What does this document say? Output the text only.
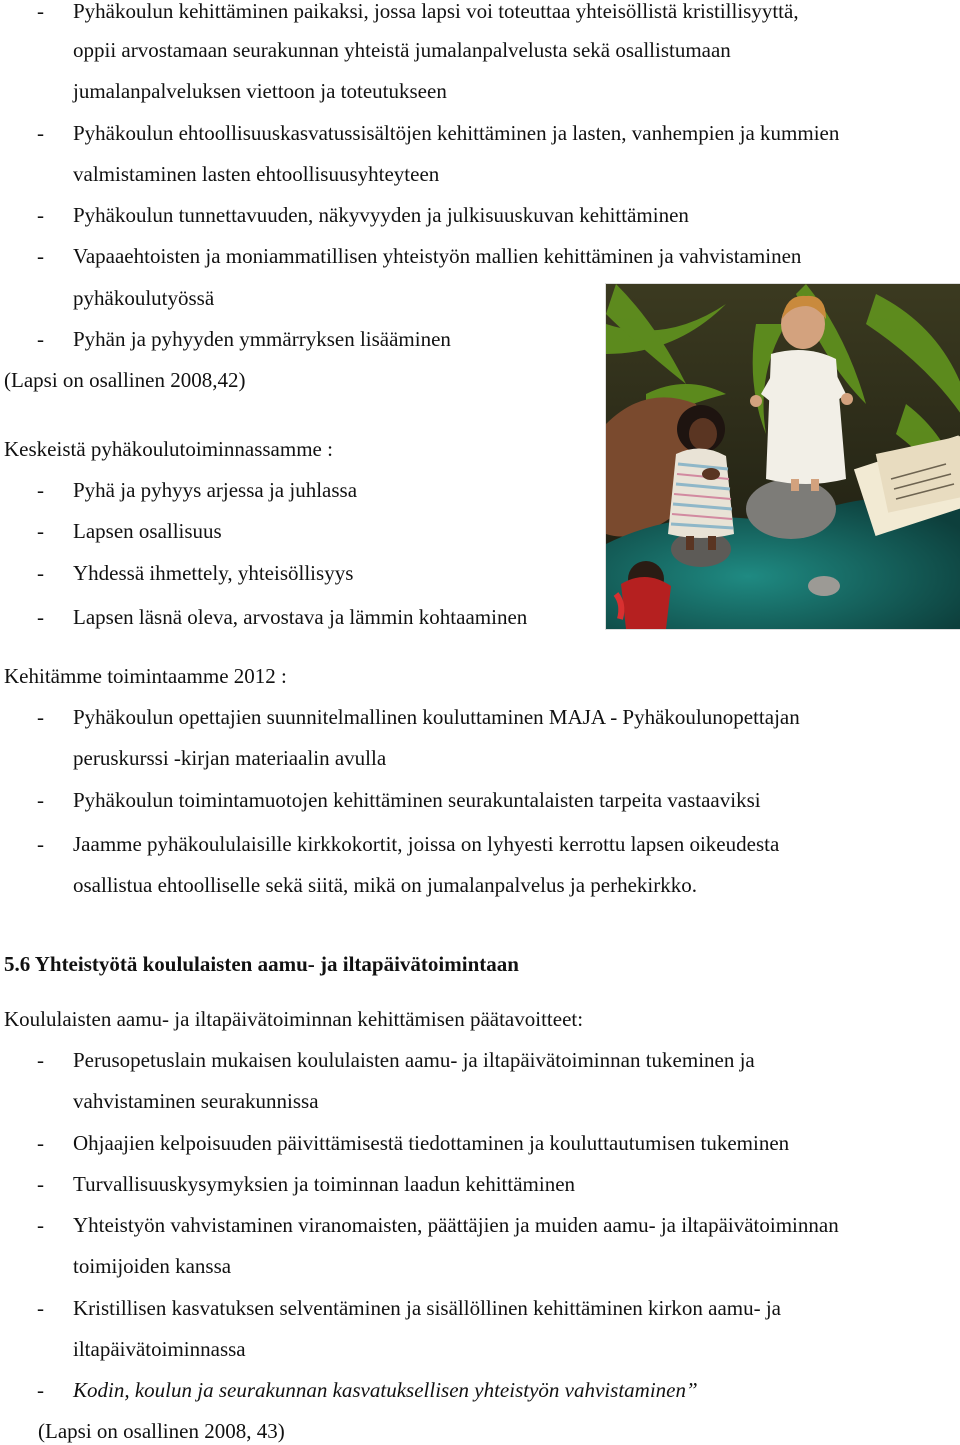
- Pyhäkoulun kehittäminen paikaksi, jossa lapsi voi toteuttaa yhteisöllistä kristillisyyttä,
oppii arvostamaan seurakunnan yhteistä jumalanpalvelusta sekä osallistumaan
jumalanpalveluksen viettoon ja toteutukseen
- Pyhäkoulun ehtoollisuuskasvatussisältöjen kehittäminen ja lasten, vanhempien ja kummien
valmistaminen lasten ehtoollisuusyhteyteen
- Pyhäkoulun tunnettavuuden, näkyvyyden ja julkisuuskuvan kehittäminen
- Vapaaehtoisten ja moniammatillisen yhteistyön mallien kehittäminen ja vahvistaminen
pyhäkoulutyössä
- Pyhän ja pyhyyden ymmärryksen lisääminen
(Lapsi on osallinen 2008,42)
Keskeistä pyhäkoulutoiminnassamme :
- Pyhä ja pyhyys arjessa ja juhlassa
- Lapsen osallisuus
- Yhdessä ihmettely, yhteisöllisyys
- Lapsen läsnä oleva, arvostava ja lämmin kohtaaminen
Kehitämme toimintaamme 2012 :
- Pyhäkoulun opettajien suunnitelmallinen kouluttaminen MAJA - Pyhäkoulunopettajan
peruskurssi -kirjan materiaalin avulla
- Pyhäkoulun toimintamuotojen kehittäminen seurakuntalaisten tarpeita vastaaviksi
- Jaamme pyhäkoululaisille kirkkokortit, joissa on lyhyesti kerrottu lapsen oikeudesta
osallistua ehtoolliselle sekä siitä, mikä on jumalanpalvelus ja perhekirkko.
5.6 Yhteistyötä koululaisten aamu- ja iltapäivätoimintaan
Koululaisten aamu- ja iltapäivätoiminnan kehittämisen päätavoitteet:
- Perusopetuslain mukaisen koululaisten aamu- ja iltapäivätoiminnan tukeminen ja
vahvistaminen seurakunnissa
- Ohjaajien kelpoisuuden päivittämisestä tiedottaminen ja kouluttautumisen tukeminen
- Turvallisuuskysymyksien ja toiminnan laadun kehittäminen
- Yhteistyön vahvistaminen viranomaisten, päättäjien ja muiden aamu- ja iltapäivätoiminnan
toimijoiden kanssa
- Kristillisen kasvatuksen selventäminen ja sisällöllinen kehittäminen kirkon aamu- ja
iltapäivätoiminnassa
- Kodin, koulun ja seurakunnan kasvatuksellisen yhteistyön vahvistaminen”
(Lapsi on osallinen 2008, 43)
